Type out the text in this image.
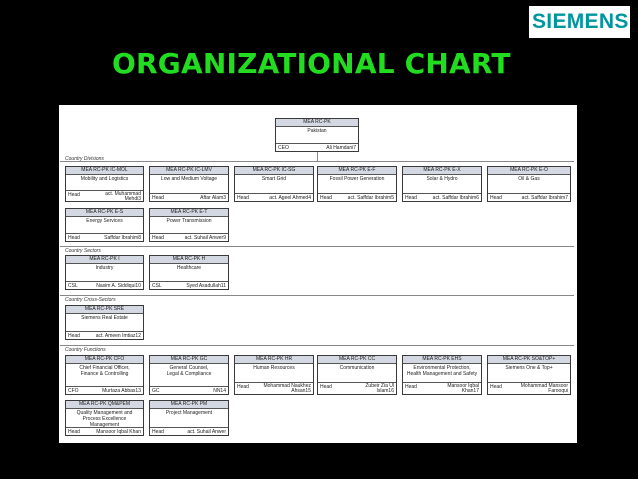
SIEMENS
ORGANIZATIONAL CHART
MEA RC-PK
Pakistan
CEO	Ali Hamdani7
Country Divisions
MEA RC-PK IC-MOL
Mobility and Logistics
Head	act. Muhammad Mehdi3
MEA RC-PK IC-LMV
Low and Medium Voltage
Head	Aftar Alam3
MEA RC-PK IC-SG
Smart Grid
Head	act. Ageel Ahmed4
MEA RC-PK E-F
Fossil Power Generation
Head	act. Saffdar Ibrahim5
MEA RC-PK E-X
Solar & Hydro
Head	act. Saffdar Ibrahim6
MEA RC-PK E-O
Oil & Gas
Head	act. Saffdar Ibrahim7
MEA RC-PK E-S
Energy Services
Head	Saffdar Ibrahim8
MEA RC-PK E-T
Power Transmission
Head	act. Suhail Anwer9
Country Sectors
MEA RC-PK I
Industry
CSL	Nasim A. Siddiqui10
MEA RC-PK H
Healthcare
CSL	Syed Asadullah11
Country Cross-Sectors
MEA RC-PK SRE
Siemens Real Estate
Head	act. Ameen Imtiaz12
Country Functions
MEA RC-PK CFO
Chief Financial Officer,
Finance & Controlling
CFO	Murtaza Abbas13
MEA RC-PK GC
General Counsel,
Legal & Compliance
GC	NN14
MEA RC-PK HR
Human Resources
Head	Mohammad Naukhez Ahsan15
MEA RC-PK CC
Communication
Head	Zubeir Zia Ul Islam16
MEA RC-PK EHS
Environmental Protection,
Health Management and Safety
Head	Mansoor Iqbal Khan17
MEA RC-PK SO&TOP+
Siemens One & Top+
Head	Mohammad Mansoor Farooqui
MEA RC-PK QM&PEM
Quality Management and
Process Excellence
Management
Head	Mansoor Iqbal Khan
MEA RC-PK PM
Project Management
Head	act. Suhail Anwer
